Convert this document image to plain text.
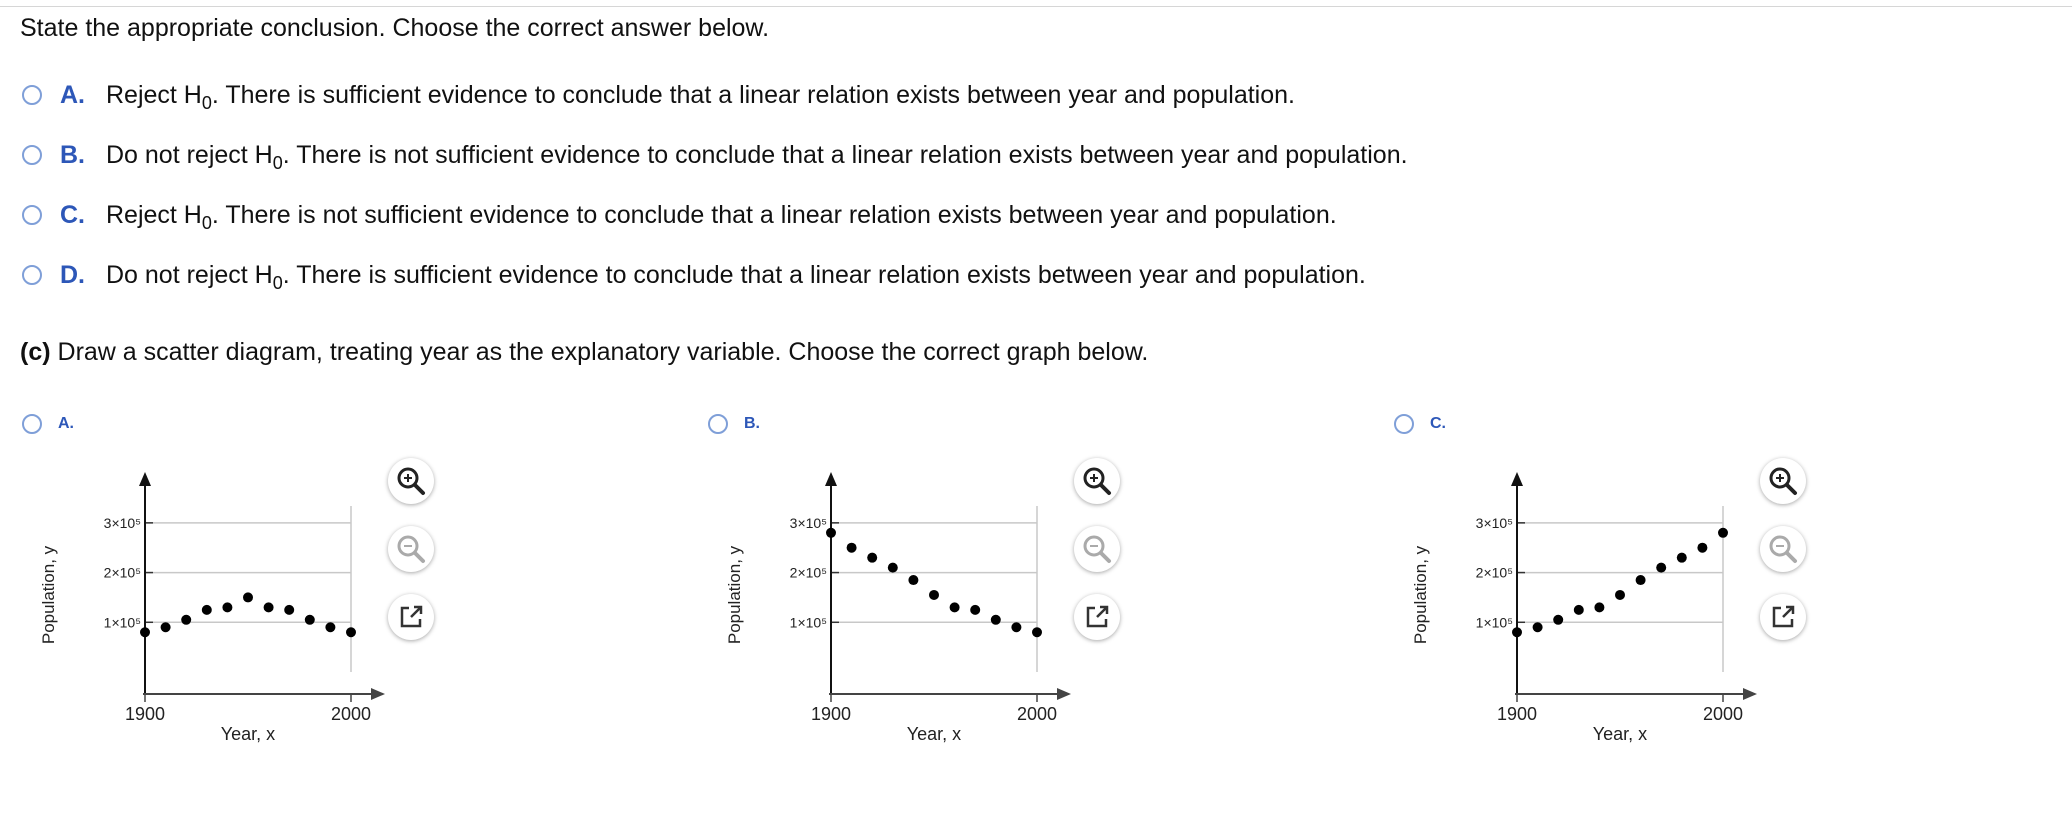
State the appropriate conclusion. Choose the correct answer below.
A. Reject $H_0$. There is sufficient evidence to conclude that a linear relation exists between year and population.
B. Do not reject $H_0$. There is not sufficient evidence to conclude that a linear relation exists between year and population.
C. Reject $H_0$. There is not sufficient evidence to conclude that a linear relation exists between year and population.
D. Do not reject $H_0$. There is sufficient evidence to conclude that a linear relation exists between year and population.
(c) Draw a scatter diagram, treating year as the explanatory variable. Choose the correct graph below.
A.
1×10⁵
2×10⁵
3×10⁵
1900	2000
Year, x
Population, y
B.
1×10⁵
2×10⁵
3×10⁵
1900	2000
Year, x
Population, y
C.
1×10⁵
2×10⁵
3×10⁵
1900	2000
Year, x
Population, y
